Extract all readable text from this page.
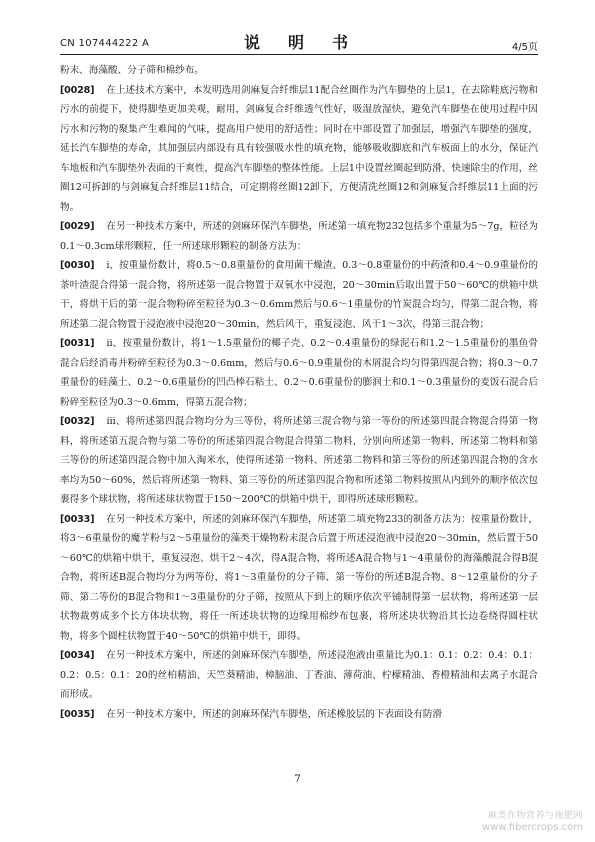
CN 107444222 A	说　明　书	4/5页

粉末、海藻酸、分子筛和棉纱布。

[0028] 在上述技术方案中，本发明选用剑麻复合纤维层11配合丝圈作为汽车脚垫的上层1，在去除鞋底污物和污水的前提下，使得脚垫更加美观，耐用，剑麻复合纤维透气性好，吸湿放湿快，避免汽车脚垫在使用过程中因污水和污物的聚集产生难闻的气味，提高用户使用的舒适性；同时在中部设置了加强层，增强汽车脚垫的强度，延长汽车脚垫的寿命，其加强层内部设有具有较强吸水性的填充物，能够吸收脚底和汽车板面上的水分，保证汽车地板和汽车脚垫外表面的干爽性，提高汽车脚垫的整体性能。上层1中设置丝圈起到防滑、快速除尘的作用，丝圈12可拆卸的与剑麻复合纤维层11结合，可定期将丝圈12卸下，方便清洗丝圈12和剑麻复合纤维层11上面的污物。

[0029] 在另一种技术方案中，所述的剑麻环保汽车脚垫，所述第一填充物232包括多个重量为5～7g，粒径为0.1～0.3cm球形颗粒，任一所述球形颗粒的制备方法为：

[0030] ⅰ、按重量份数计，将0.5～0.8重量份的食用菌干燥渣、0.3～0.8重量份的中药渣和0.4～0.9重量份的茶叶渣混合得第一混合物，将所述第一混合物置于双氧水中浸泡，20～30min后取出置于50～60℃的烘箱中烘干，将烘干后的第一混合物粉碎至粒径为0.3～0.6mm然后与0.6～1重量份的竹炭混合均匀，得第二混合物，将所述第二混合物置于浸泡液中浸泡20～30min，然后风干，重复浸泡、风干1～3次，得第三混合物；

[0031] ⅱ、按重量份数计，将1～1.5重量份的椰子壳、0.2～0.4重量份的绿泥石和1.2～1.5重量份的墨鱼骨混合后经消毒并粉碎至粒径为0.3～0.6mm，然后与0.6～0.9重量份的木屑混合均匀得第四混合物；将0.3～0.7重量份的硅藻土、0.2～0.6重量份的凹凸棒石粘土、0.2～0.6重量份的膨润土和0.1～0.3重量份的麦饭石混合后粉碎至粒径为0.3～0.6mm，得第五混合物；

[0032] ⅲ、将所述第四混合物均分为三等份，将所述第三混合物与第一等份的所述第四混合物混合得第一物料，将所述第五混合物与第二等份的所述第四混合物混合得第二物料，分别向所述第一物料、所述第二物料和第三等份的所述第四混合物中加入淘米水，使得所述第一物料、所述第二物料和第三等份的所述第四混合物的含水率均为50～60%，然后将所述第一物料、第三等份的所述第四混合物和所述第二物料按照从内到外的顺序依次包裹得多个球状物，将所述球状物置于150～200℃的烘箱中烘干，即得所述球形颗粒。

[0033] 在另一种技术方案中，所述的剑麻环保汽车脚垫，所述第二填充物233的制备方法为：按重量份数计，将3～6重量份的魔芋粉与2～5重量份的藻类干燥物粉末混合后置于所述浸泡液中浸泡20～30min，然后置于50～60℃的烘箱中烘干，重复浸泡、烘干2～4次，得A混合物，将所述A混合物与1～4重量份的海藻酸混合得B混合物，将所述B混合物均分为两等份，将1～3重量份的分子筛、第一等份的所述B混合物、8～12重量份的分子筛、第二等份的B混合物和1～3重量份的分子筛，按照从下到上的顺序依次平铺制得第一层状物，将所述第一层状物裁剪成多个长方体块状物，将任一所述块状物的边缘用棉纱布包裹，将所述块状物沿其长边卷绕得圆柱状物，将多个圆柱状物置于40～50℃的烘箱中烘干，即得。

[0034] 在另一种技术方案中，所述的剑麻环保汽车脚垫，所述浸泡液由重量比为0.1：0.1：0.2：0.4：0.1：0.2：0.5：0.1：20的丝柏精油、天竺葵精油、樟脑油、丁香油、薄荷油、柠檬精油、香橙精油和去离子水混合而形成。

[0035] 在另一种技术方案中，所述的剑麻环保汽车脚垫，所述橡胶层的下表面设有防滑

7
麻类作物营养与施肥网
www.fibercrops.com
